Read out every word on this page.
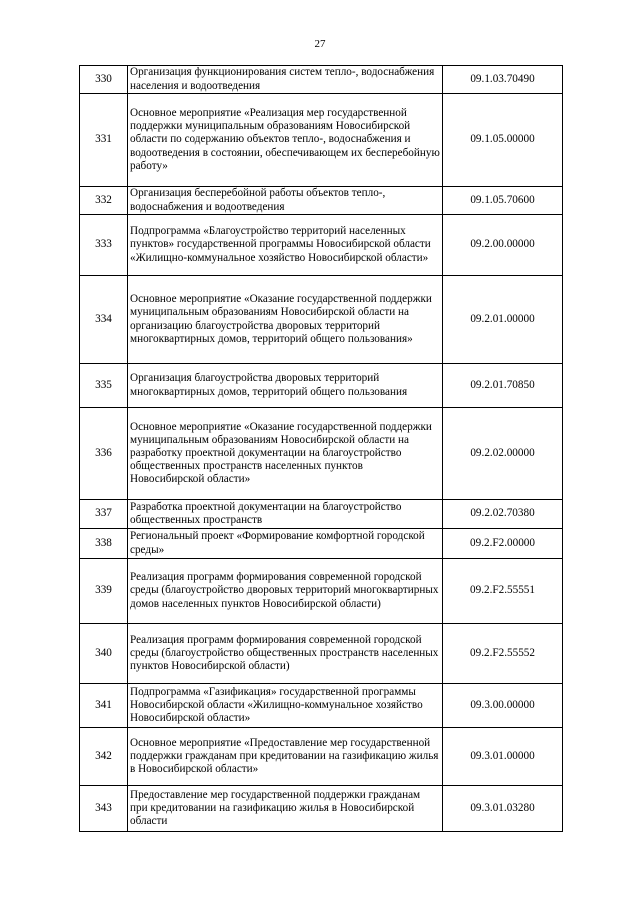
27
330	Организация функционирования систем тепло-, водоснабжения населения и водоотведения	09.1.03.70490
331	Основное мероприятие «Реализация мер государственной поддержки муниципальным образованиям Новосибирской области по содержанию объектов тепло-, водоснабжения и водоотведения в состоянии, обеспечивающем их бесперебойную работу»	09.1.05.00000
332	Организация бесперебойной работы объектов тепло-, водоснабжения и водоотведения	09.1.05.70600
333	Подпрограмма «Благоустройство территорий населенных пунктов» государственной программы Новосибирской области «Жилищно-коммунальное хозяйство Новосибирской области»	09.2.00.00000
334	Основное мероприятие «Оказание государственной поддержки муниципальным образованиям Новосибирской области на организацию благоустройства дворовых территорий многоквартирных домов, территорий общего пользования»	09.2.01.00000
335	Организация благоустройства дворовых территорий многоквартирных домов, территорий общего пользования	09.2.01.70850
336	Основное мероприятие «Оказание государственной поддержки муниципальным образованиям Новосибирской области на разработку проектной документации на благоустройство общественных пространств населенных пунктов Новосибирской области»	09.2.02.00000
337	Разработка проектной документации на благоустройство общественных пространств	09.2.02.70380
338	Региональный проект «Формирование комфортной городской среды»	09.2.F2.00000
339	Реализация программ формирования современной городской среды (благоустройство дворовых территорий многоквартирных домов населенных пунктов Новосибирской области)	09.2.F2.55551
340	Реализация программ формирования современной городской среды (благоустройство общественных пространств населенных пунктов Новосибирской области)	09.2.F2.55552
341	Подпрограмма «Газификация» государственной программы Новосибирской области «Жилищно-коммунальное хозяйство Новосибирской области»	09.3.00.00000
342	Основное мероприятие «Предоставление мер государственной поддержки гражданам при кредитовании на газификацию жилья в Новосибирской области»	09.3.01.00000
343	Предоставление мер государственной поддержки гражданам при кредитовании на газификацию жилья в Новосибирской области	09.3.01.03280
